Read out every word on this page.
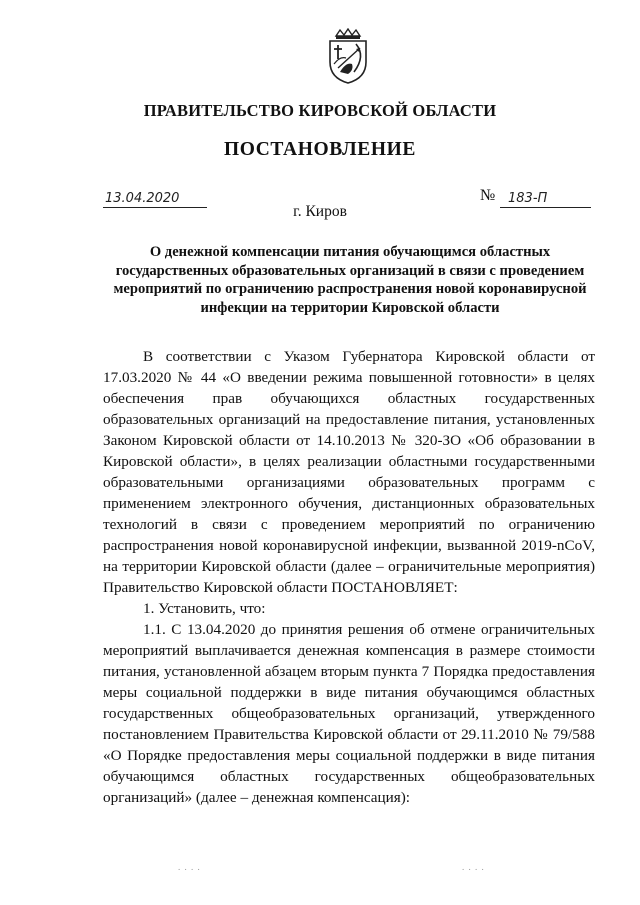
ПРАВИТЕЛЬСТВО КИРОВСКОЙ ОБЛАСТИ
ПОСТАНОВЛЕНИЕ
13.04.2020	№ 183-П
г. Киров
О денежной компенсации питания обучающимся областных государственных образовательных организаций в связи с проведением мероприятий по ограничению распространения новой коронавирусной инфекции на территории Кировской области

В соответствии с Указом Губернатора Кировской области от 17.03.2020 № 44 «О введении режима повышенной готовности» в целях обеспечения прав обучающихся областных государственных образовательных организаций на предоставление питания, установленных Законом Кировской области от 14.10.2013 № 320-ЗО «Об образовании в Кировской области», в целях реализации областными государственными образовательными организациями образовательных программ с применением электронного обучения, дистанционных образовательных технологий в связи с проведением мероприятий по ограничению распространения новой коронавирусной инфекции, вызванной 2019-nCoV, на территории Кировской области (далее – ограничительные мероприятия) Правительство Кировской области ПОСТАНОВЛЯЕТ:

1. Установить, что:

1.1. С 13.04.2020 до принятия решения об отмене ограничительных мероприятий выплачивается денежная компенсация в размере стоимости питания, установленной абзацем вторым пункта 7 Порядка предоставления меры социальной поддержки в виде питания обучающимся областных государственных общеобразовательных организаций, утвержденного постановлением Правительства Кировской области от 29.11.2010 № 79/588 «О Порядке предоставления меры социальной поддержки в виде питания обучающимся областных государственных общеобразовательных организаций» (далее – денежная компенсация):

. . . .	. . . .
